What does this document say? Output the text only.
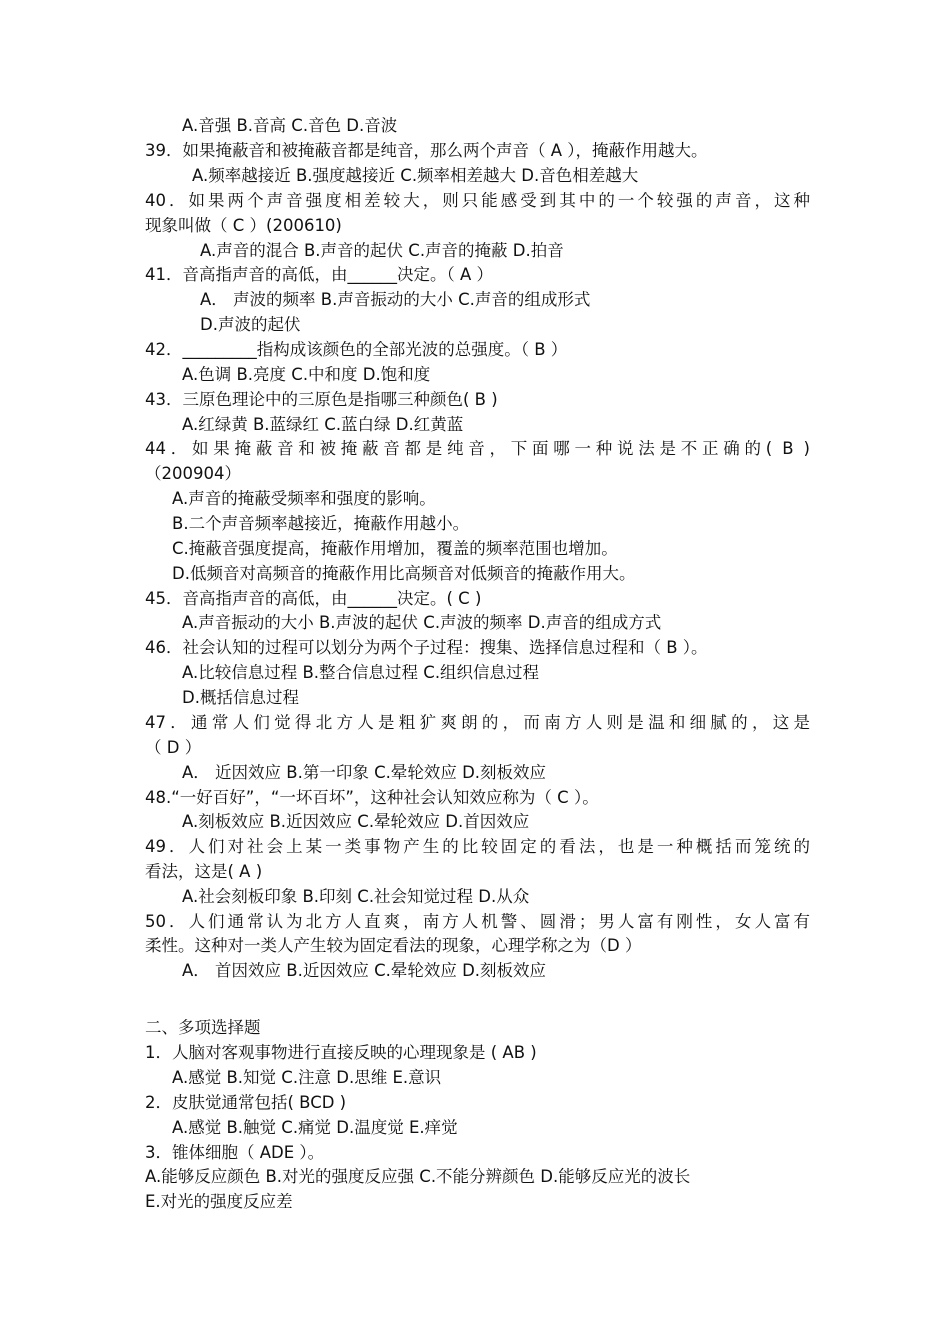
A.音强 B.音高 C.音色 D.音波
39．如果掩蔽音和被掩蔽音都是纯音，那么两个声音（ A ），掩蔽作用越大。
A.频率越接近 B.强度越接近 C.频率相差越大 D.音色相差越大
40．如果两个声音强度相差较大，则只能感受到其中的一个较强的声音，这种
现象叫做（ C ）(200610)
A.声音的混合 B.声音的起伏 C.声音的掩蔽 D.拍音
41．音高指声音的高低，由______决定。（ A ）
A． 声波的频率 B.声音振动的大小 C.声音的组成形式
D.声波的起伏
42．_________指构成该颜色的全部光波的总强度。（ B ）
A.色调 B.亮度 C.中和度 D.饱和度
43．三原色理论中的三原色是指哪三种颜色( B )
A.红绿黄 B.蓝绿红 C.蓝白绿 D.红黄蓝
44．如果掩蔽音和被掩蔽音都是纯音，下面哪一种说法是不正确的( B )
（200904）
A.声音的掩蔽受频率和强度的影响。
B.二个声音频率越接近，掩蔽作用越小。
C.掩蔽音强度提高，掩蔽作用增加，覆盖的频率范围也增加。
D.低频音对高频音的掩蔽作用比高频音对低频音的掩蔽作用大。
45．音高指声音的高低，由______决定。( C )
A.声音振动的大小 B.声波的起伏 C.声波的频率 D.声音的组成方式
46．社会认知的过程可以划分为两个子过程：搜集、选择信息过程和（ B ）。
A.比较信息过程 B.整合信息过程 C.组织信息过程
D.概括信息过程
47．通常人们觉得北方人是粗犷爽朗的，而南方人则是温和细腻的，这是
（ D ）
A． 近因效应 B.第一印象 C.晕轮效应 D.刻板效应
48.“一好百好”，“一坏百坏”，这种社会认知效应称为（ C ）。
A.刻板效应 B.近因效应 C.晕轮效应 D.首因效应
49．人们对社会上某一类事物产生的比较固定的看法，也是一种概括而笼统的
看法，这是( A )
A.社会刻板印象 B.印刻 C.社会知觉过程 D.从众
50．人们通常认为北方人直爽，南方人机警、圆滑；男人富有刚性，女人富有
柔性。这种对一类人产生较为固定看法的现象，心理学称之为（D ）
A． 首因效应 B.近因效应 C.晕轮效应 D.刻板效应
二、多项选择题
1．人脑对客观事物进行直接反映的心理现象是 ( AB )
A.感觉 B.知觉 C.注意 D.思维 E.意识
2．皮肤觉通常包括( BCD )
A.感觉 B.触觉 C.痛觉 D.温度觉 E.痒觉
3．锥体细胞（ ADE ）。
A.能够反应颜色 B.对光的强度反应强 C.不能分辨颜色 D.能够反应光的波长
E.对光的强度反应差
